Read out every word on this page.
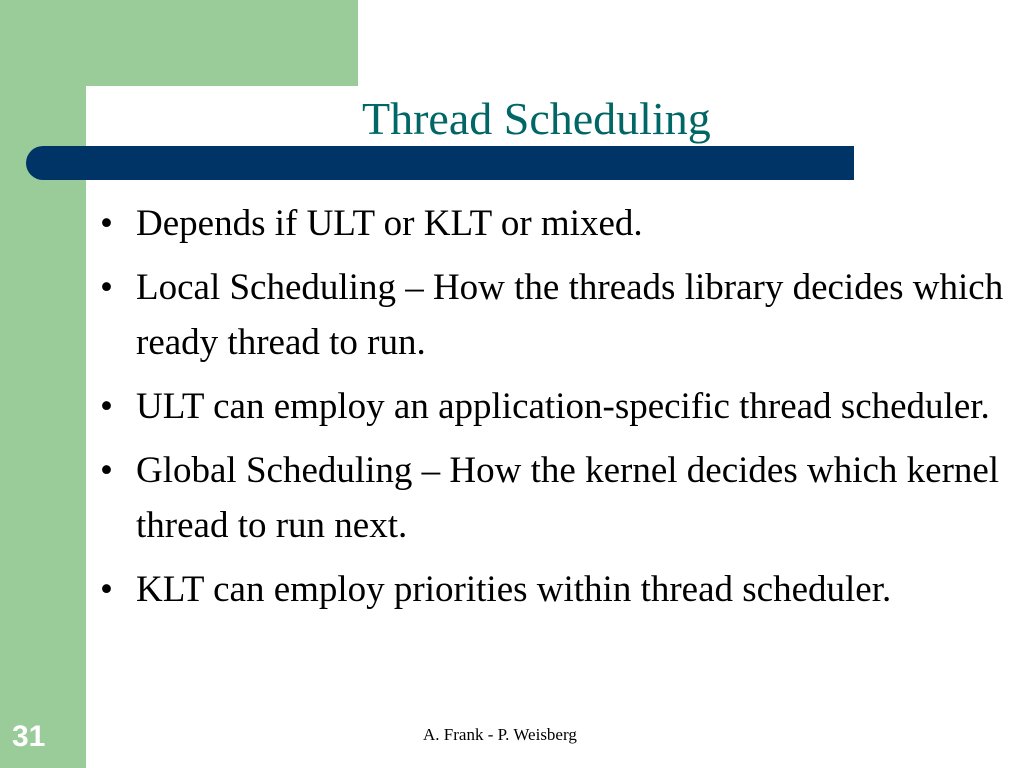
Thread Scheduling
• Depends if ULT or KLT or mixed.
• Local Scheduling – How the threads library decides which ready thread to run.
• ULT can employ an application-specific thread scheduler.
• Global Scheduling – How the kernel decides which kernel thread to run next.
• KLT can employ priorities within thread scheduler.
31	A. Frank - P. Weisberg
